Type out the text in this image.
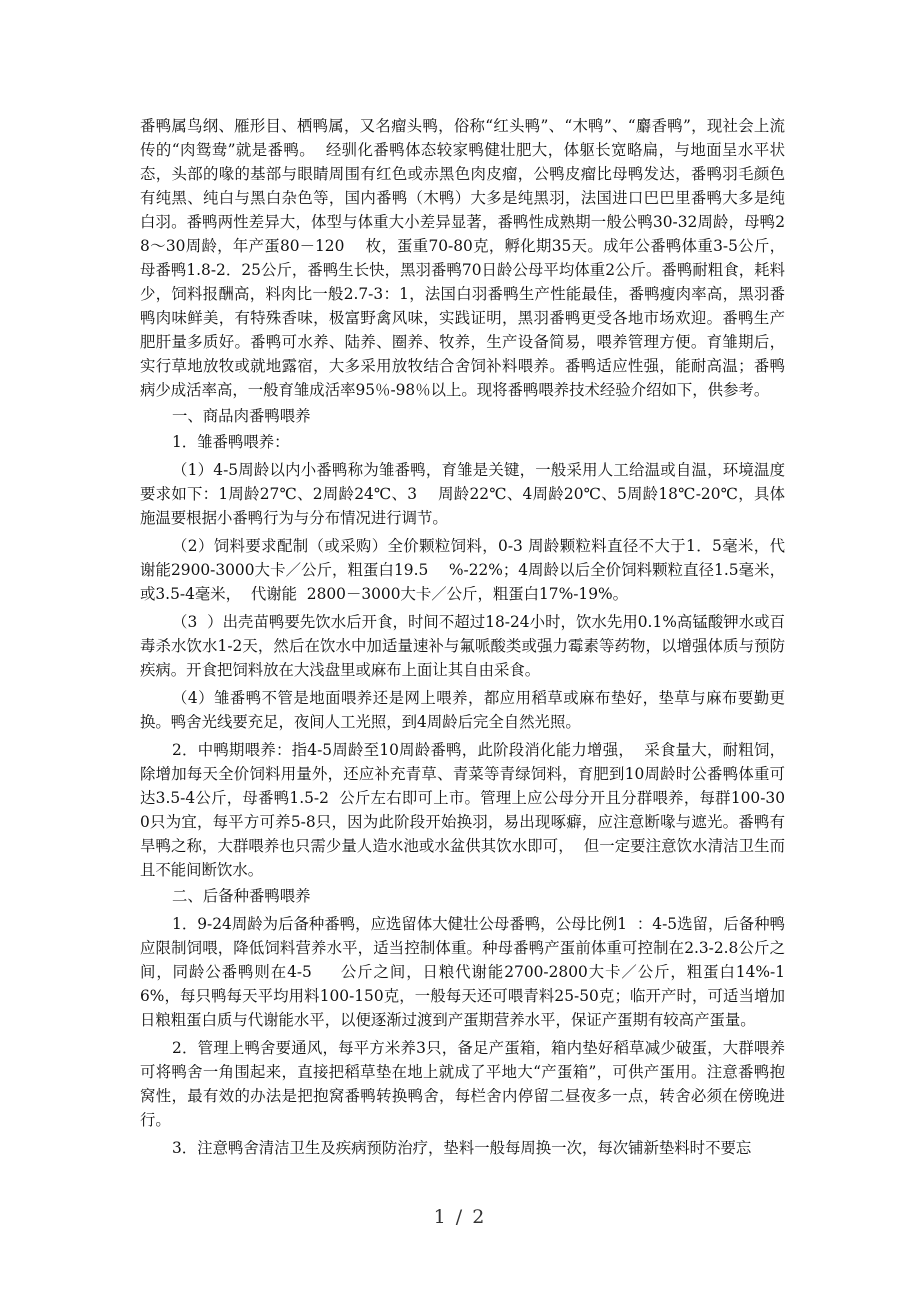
番鸭属鸟纲、雁形目、栖鸭属，又名瘤头鸭，俗称“红头鸭”、“木鸭”、“麝香鸭”，现社会上流传的“肉鸳鸯”就是番鸭。  经驯化番鸭体态较家鸭健壮肥大，体躯长宽略扁，与地面呈水平状态，头部的喙的基部与眼睛周围有红色或赤黑色肉皮瘤，公鸭皮瘤比母鸭发达，番鸭羽毛颜色有纯黑、纯白与黑白杂色等，国内番鸭（木鸭）大多是纯黑羽，法国进口巴巴里番鸭大多是纯白羽。番鸭两性差异大，体型与体重大小差异显著，番鸭性成熟期一般公鸭30-32周龄，母鸭28～30周龄，年产蛋80－120　 枚，蛋重70-80克，孵化期35天。成年公番鸭体重3-5公斤，母番鸭1.8-2．25公斤，番鸭生长快，黑羽番鸭70日龄公母平均体重2公斤。番鸭耐粗食，耗料少，饲料报酬高，料肉比一般2.7-3：1，法国白羽番鸭生产性能最佳，番鸭瘦肉率高，黑羽番鸭肉味鲜美，有特殊香味，极富野禽风味，实践证明，黑羽番鸭更受各地市场欢迎。番鸭生产肥肝量多质好。番鸭可水养、陆养、圈养、牧养，生产设备简易，喂养管理方便。育雏期后，实行草地放牧或就地露宿，大多采用放牧结合舍饲补料喂养。番鸭适应性强，能耐高温；番鸭病少成活率高，一般育雏成活率95％-98％以上。现将番鸭喂养技术经验介绍如下，供参考。

一、商品肉番鸭喂养

1．雏番鸭喂养：

（1）4-5周龄以内小番鸭称为雏番鸭，育雏是关键，一般采用人工给温或自温，环境温度要求如下：1周龄27℃、2周龄24℃、3　 周龄22℃、4周龄20℃、5周龄18℃-20℃，具体施温要根据小番鸭行为与分布情况进行调节。

（2）饲料要求配制（或采购）全价颗粒饲料，0-3 周龄颗粒料直径不大于1．5毫米，代谢能2900-3000大卡／公斤，粗蛋白19.5　 %-22%；4周龄以后全价饲料颗粒直径1.5毫米，或3.5-4毫米，  代谢能  2800－3000大卡／公斤，粗蛋白17%-19%。

（3  ）出壳苗鸭要先饮水后开食，时间不超过18-24小时，饮水先用0.1%高锰酸钾水或百毒杀水饮水1-2天，然后在饮水中加适量速补与氟哌酸类或强力霉素等药物，以增强体质与预防疾病。开食把饲料放在大浅盘里或麻布上面让其自由采食。

（4）雏番鸭不管是地面喂养还是网上喂养，都应用稻草或麻布垫好，垫草与麻布要勤更换。鸭舍光线要充足，夜间人工光照，到4周龄后完全自然光照。

2．中鸭期喂养：指4-5周龄至10周龄番鸭，此阶段消化能力增强，  采食量大，耐粗饲，除增加每天全价饲料用量外，还应补充青草、青菜等青绿饲料，育肥到10周龄时公番鸭体重可达3.5-4公斤，母番鸭1.5-2  公斤左右即可上市。管理上应公母分开且分群喂养，每群100-300只为宜，每平方可养5-8只，因为此阶段开始换羽，易出现啄癖，应注意断喙与遮光。番鸭有旱鸭之称，大群喂养也只需少量人造水池或水盆供其饮水即可，  但一定要注意饮水清洁卫生而且不能间断饮水。

二、后备种番鸭喂养

1．9-24周龄为后备种番鸭，应选留体大健壮公母番鸭，公母比例1  ：4-5选留，后备种鸭应限制饲喂，降低饲料营养水平，适当控制体重。种母番鸭产蛋前体重可控制在2.3-2.8公斤之间，同龄公番鸭则在4-5　  公斤之间，日粮代谢能2700-2800大卡／公斤，粗蛋白14%-16%，每只鸭每天平均用料100-150克，一般每天还可喂青料25-50克；临开产时，可适当增加日粮粗蛋白质与代谢能水平，以便逐渐过渡到产蛋期营养水平，保证产蛋期有较高产蛋量。

2．管理上鸭舍要通风，每平方米养3只，备足产蛋箱，箱内垫好稻草减少破蛋，大群喂养可将鸭舍一角围起来，直接把稻草垫在地上就成了平地大“产蛋箱”，可供产蛋用。注意番鸭抱窝性，最有效的办法是把抱窝番鸭转换鸭舍，每栏舍内停留二昼夜多一点，转舍必须在傍晚进行。

3．注意鸭舍清洁卫生及疾病预防治疗，垫料一般每周换一次，每次铺新垫料时不要忘

1 / 2
